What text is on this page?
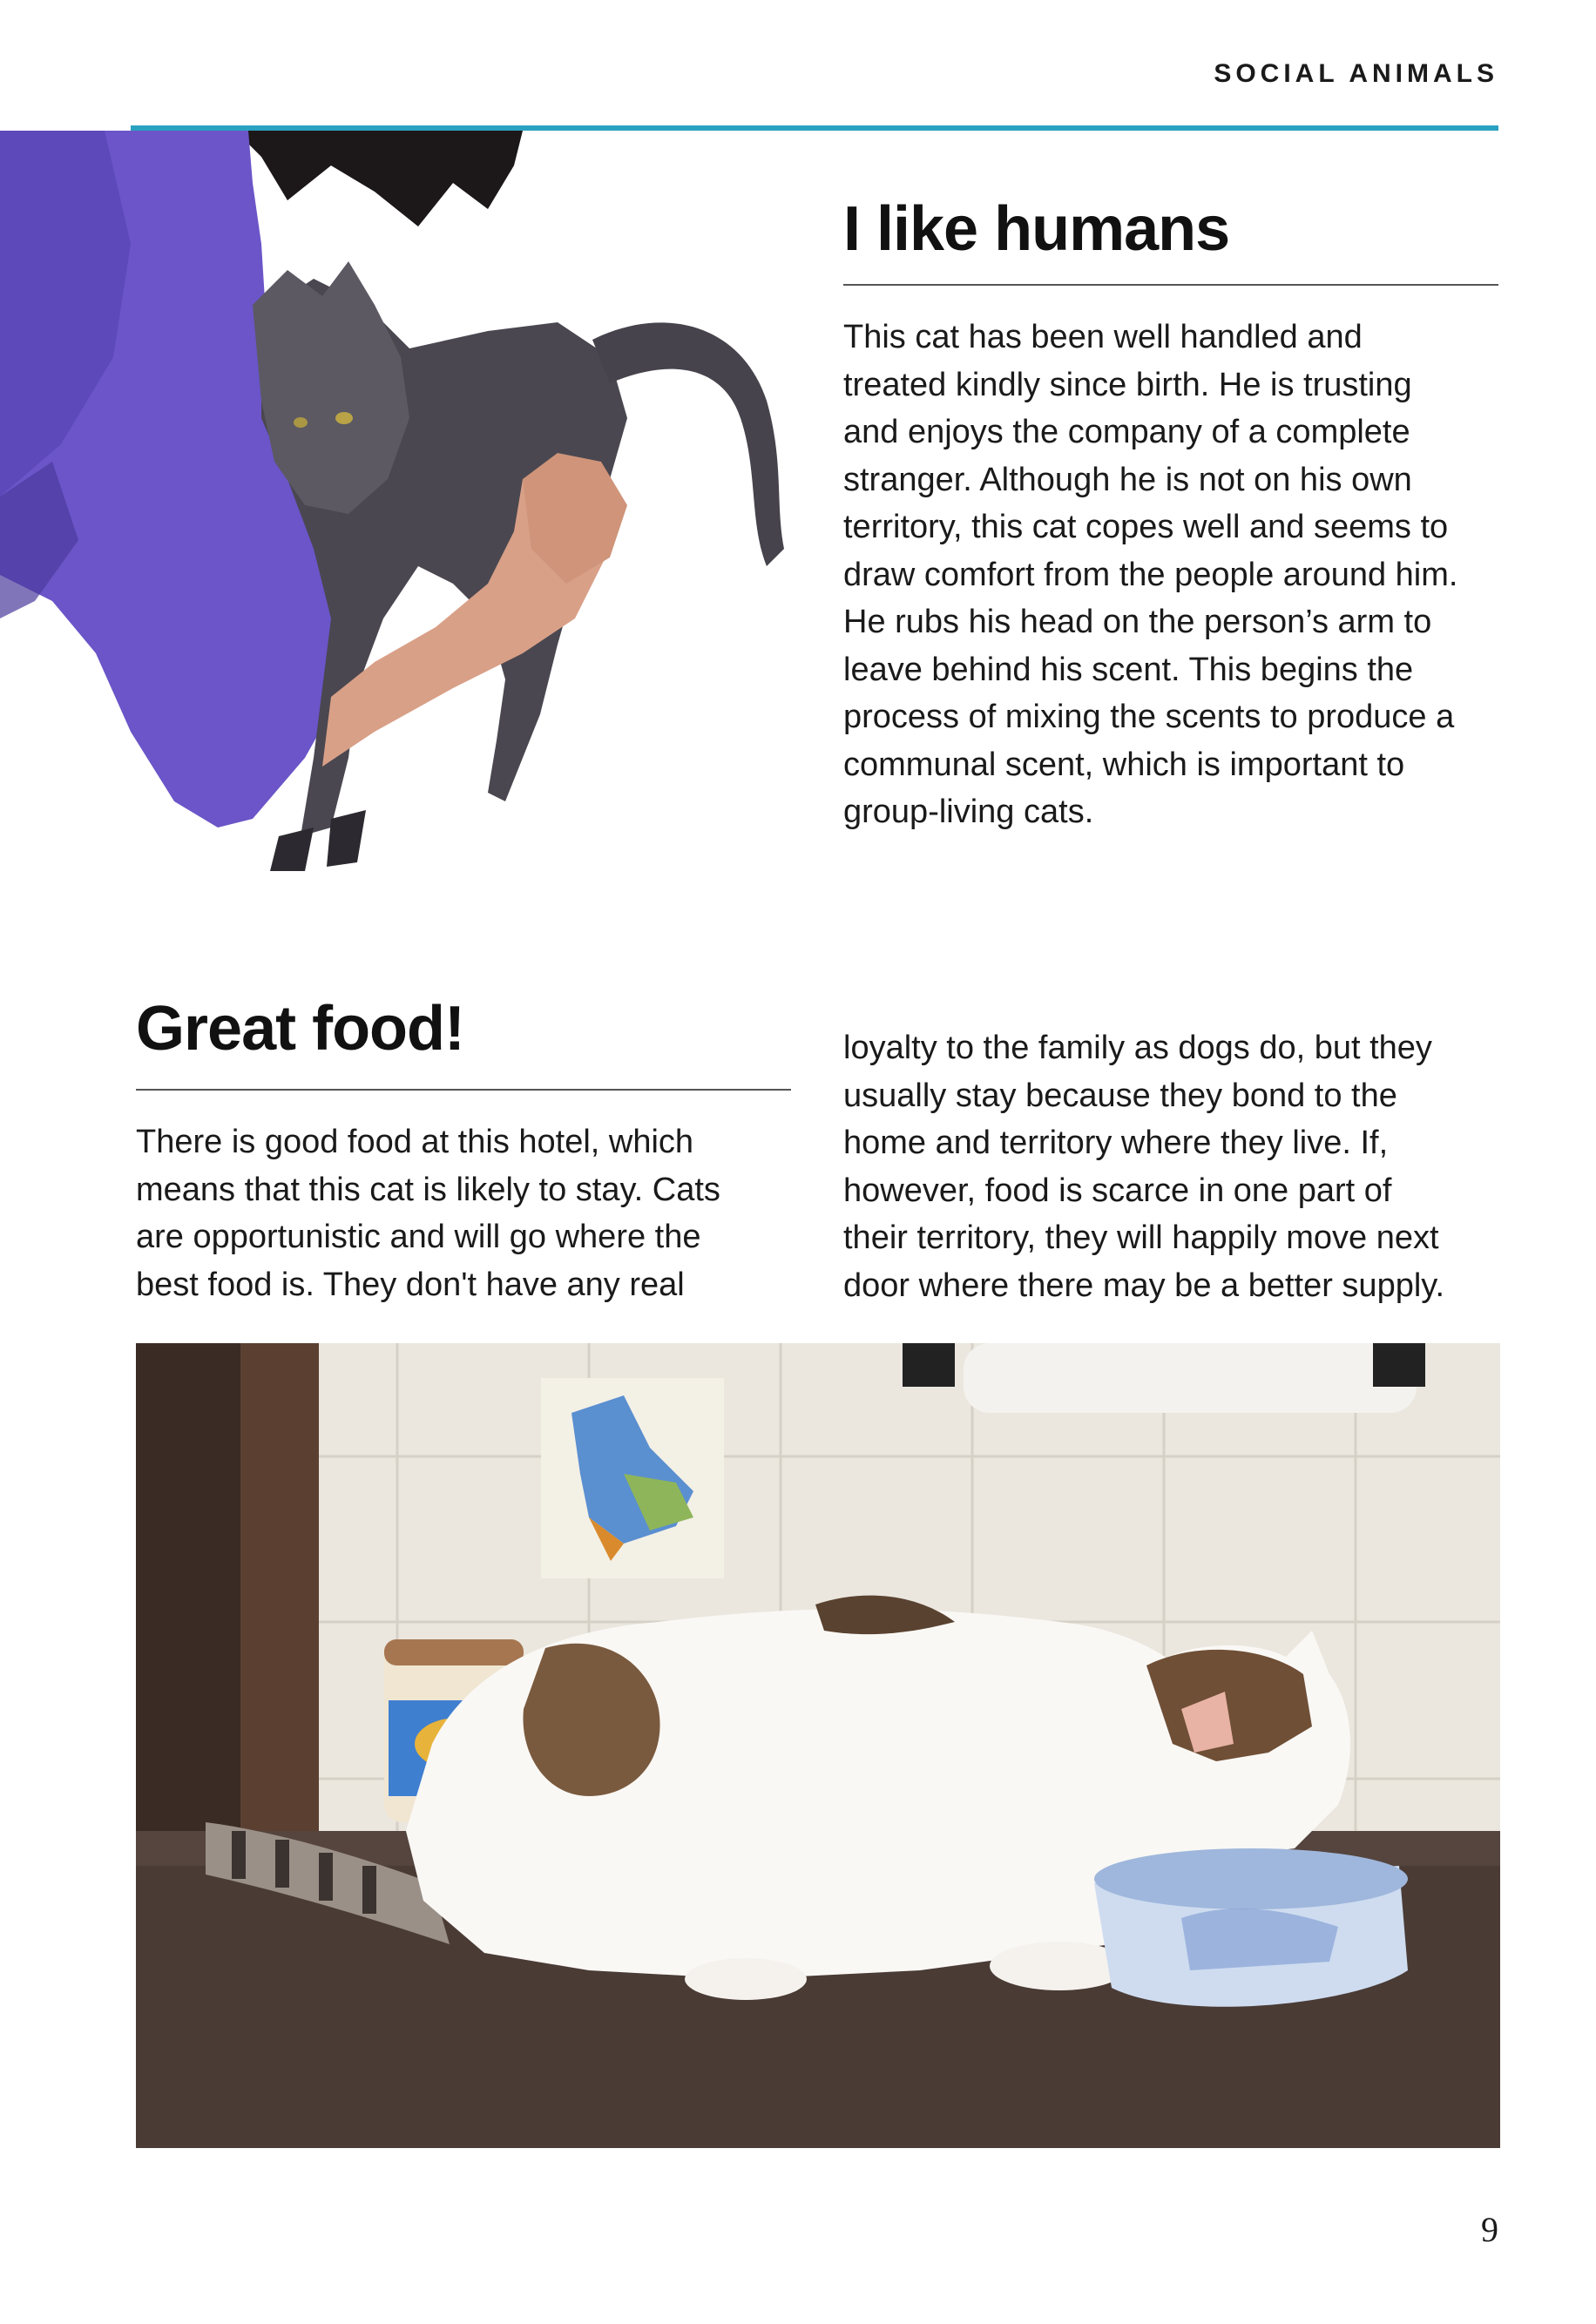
SOCIAL ANIMALS
I like humans
This cat has been well handled and
treated kindly since birth. He is trusting
and enjoys the company of a complete
stranger. Although he is not on his own
territory, this cat copes well and seems to
draw comfort from the people around him.
He rubs his head on the person’s arm to
leave behind his scent. This begins the
process of mixing the scents to produce a
communal scent, which is important to
group-living cats.
Great food!
There is good food at this hotel, which
means that this cat is likely to stay. Cats
are opportunistic and will go where the
best food is. They don't have any real
loyalty to the family as dogs do, but they
usually stay because they bond to the
home and territory where they live. If,
however, food is scarce in one part of
their territory, they will happily move next
door where there may be a better supply.
9
